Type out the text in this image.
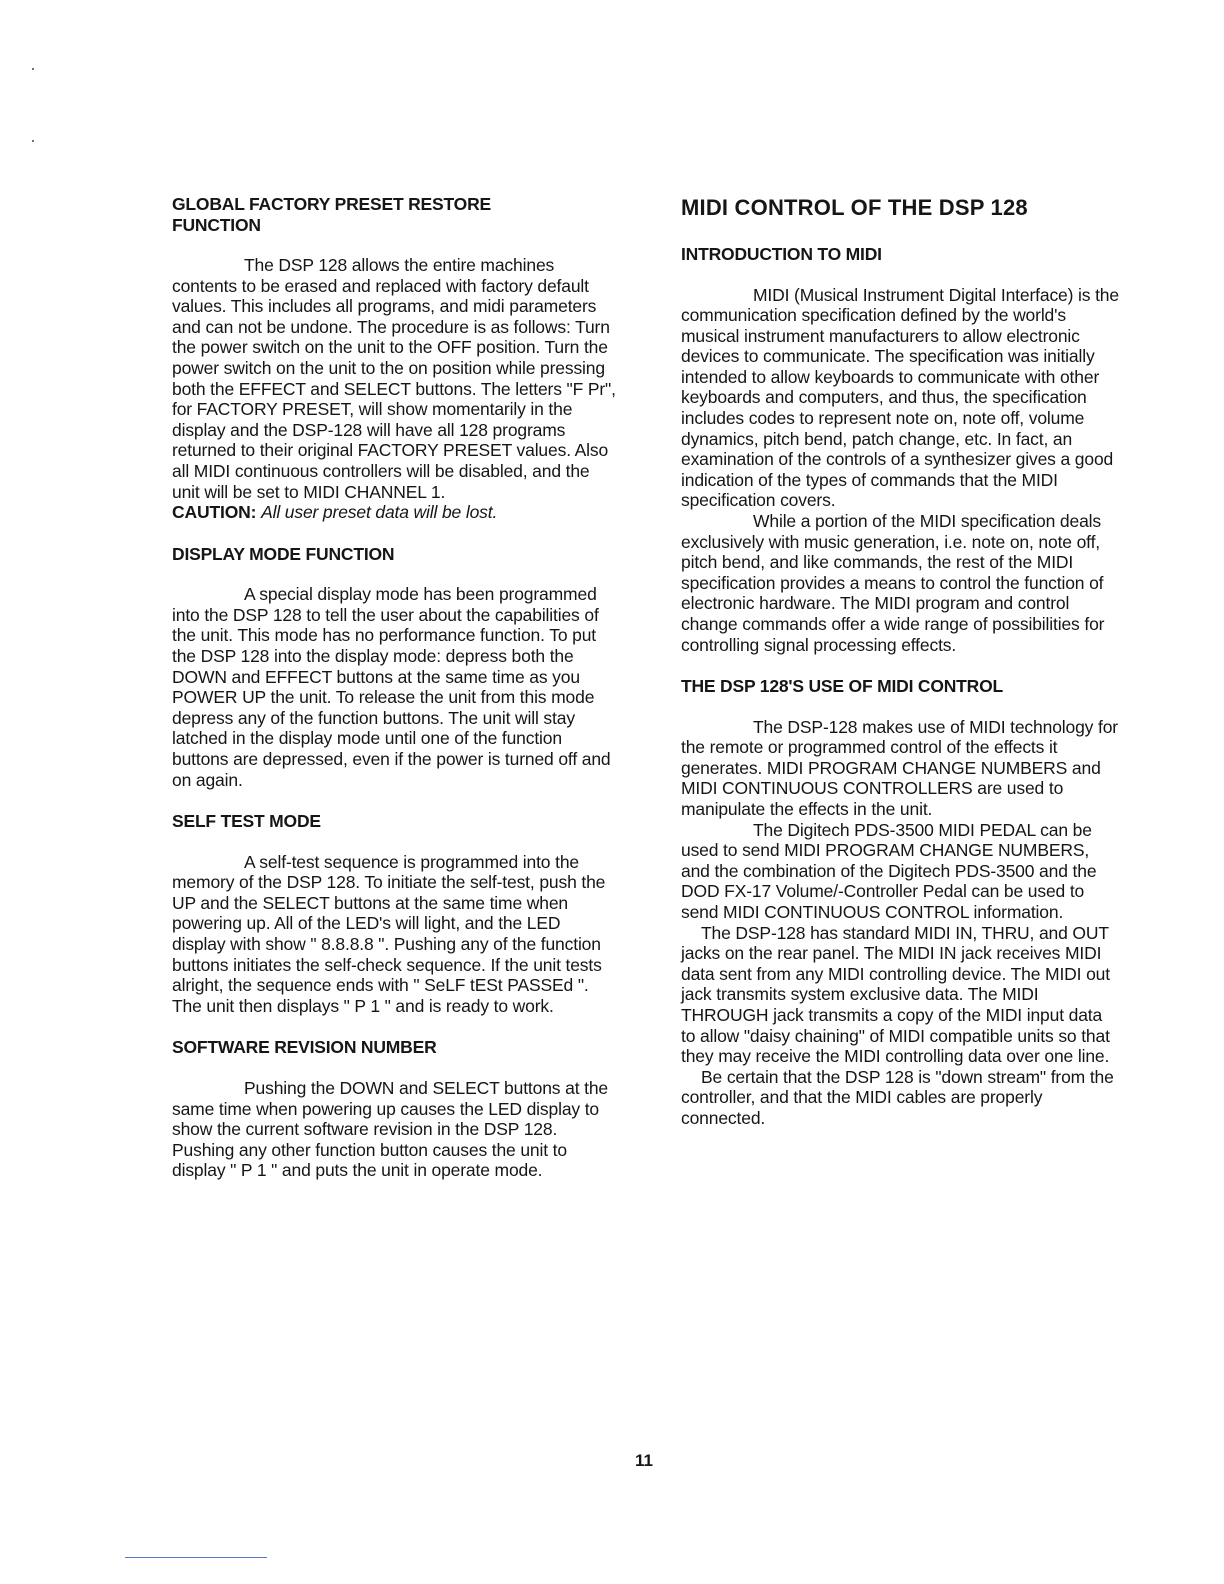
GLOBAL FACTORY PRESET RESTORE
FUNCTION

The DSP 128 allows the entire machines contents to be erased and replaced with factory default values. This includes all programs, and midi parameters and can not be undone. The procedure is as follows: Turn the power switch on the unit to the OFF position. Turn the power switch on the unit to the on position while pressing both the EFFECT and SELECT buttons. The letters "F Pr", for FACTORY PRESET, will show momentarily in the display and the DSP-128 will have all 128 programs returned to their original FACTORY PRESET values. Also all MIDI continuous controllers will be disabled, and the unit will be set to MIDI CHANNEL 1.

CAUTION: All user preset data will be lost.

DISPLAY MODE FUNCTION

A special display mode has been programmed into the DSP 128 to tell the user about the capabilities of the unit. This mode has no performance function. To put the DSP 128 into the display mode: depress both the DOWN and EFFECT buttons at the same time as you POWER UP the unit. To release the unit from this mode depress any of the function buttons. The unit will stay latched in the display mode until one of the function buttons are depressed, even if the power is turned off and on again.

SELF TEST MODE

A self-test sequence is programmed into the memory of the DSP 128. To initiate the self-test, push the UP and the SELECT buttons at the same time when powering up. All of the LED's will light, and the LED display with show " 8.8.8.8 ". Pushing any of the function buttons initiates the self-check sequence. If the unit tests alright, the sequence ends with " SeLF tESt PASSEd ". The unit then displays " P 1 " and is ready to work.

SOFTWARE REVISION NUMBER

Pushing the DOWN and SELECT buttons at the same time when powering up causes the LED display to show the current software revision in the DSP 128. Pushing any other function button causes the unit to display " P 1 " and puts the unit in operate mode.

MIDI CONTROL OF THE DSP 128
INTRODUCTION TO MIDI

MIDI (Musical Instrument Digital Interface) is the communication specification defined by the world's musical instrument manufacturers to allow electronic devices to communicate. The specification was initially intended to allow keyboards to communicate with other keyboards and computers, and thus, the specification includes codes to represent note on, note off, volume dynamics, pitch bend, patch change, etc. In fact, an examination of the controls of a synthesizer gives a good indication of the types of commands that the MIDI specification covers.

While a portion of the MIDI specification deals exclusively with music generation, i.e. note on, note off, pitch bend, and like commands, the rest of the MIDI specification provides a means to control the function of electronic hardware. The MIDI program and control change commands offer a wide range of possibilities for controlling signal processing effects.

THE DSP 128'S USE OF MIDI CONTROL

The DSP-128 makes use of MIDI technology for the remote or programmed control of the effects it generates. MIDI PROGRAM CHANGE NUMBERS and MIDI CONTINUOUS CONTROLLERS are used to manipulate the effects in the unit.

The Digitech PDS-3500 MIDI PEDAL can be used to send MIDI PROGRAM CHANGE NUMBERS, and the combination of the Digitech PDS-3500 and the DOD FX-17 Volume/-Controller Pedal can be used to send MIDI CONTINUOUS CONTROL information.

The DSP-128 has standard MIDI IN, THRU, and OUT jacks on the rear panel. The MIDI IN jack receives MIDI data sent from any MIDI controlling device. The MIDI out jack transmits system exclusive data. The MIDI THROUGH jack transmits a copy of the MIDI input data to allow "daisy chaining" of MIDI compatible units so that they may receive the MIDI controlling data over one line.

Be certain that the DSP 128 is "down stream" from the controller, and that the MIDI cables are properly connected.

11
